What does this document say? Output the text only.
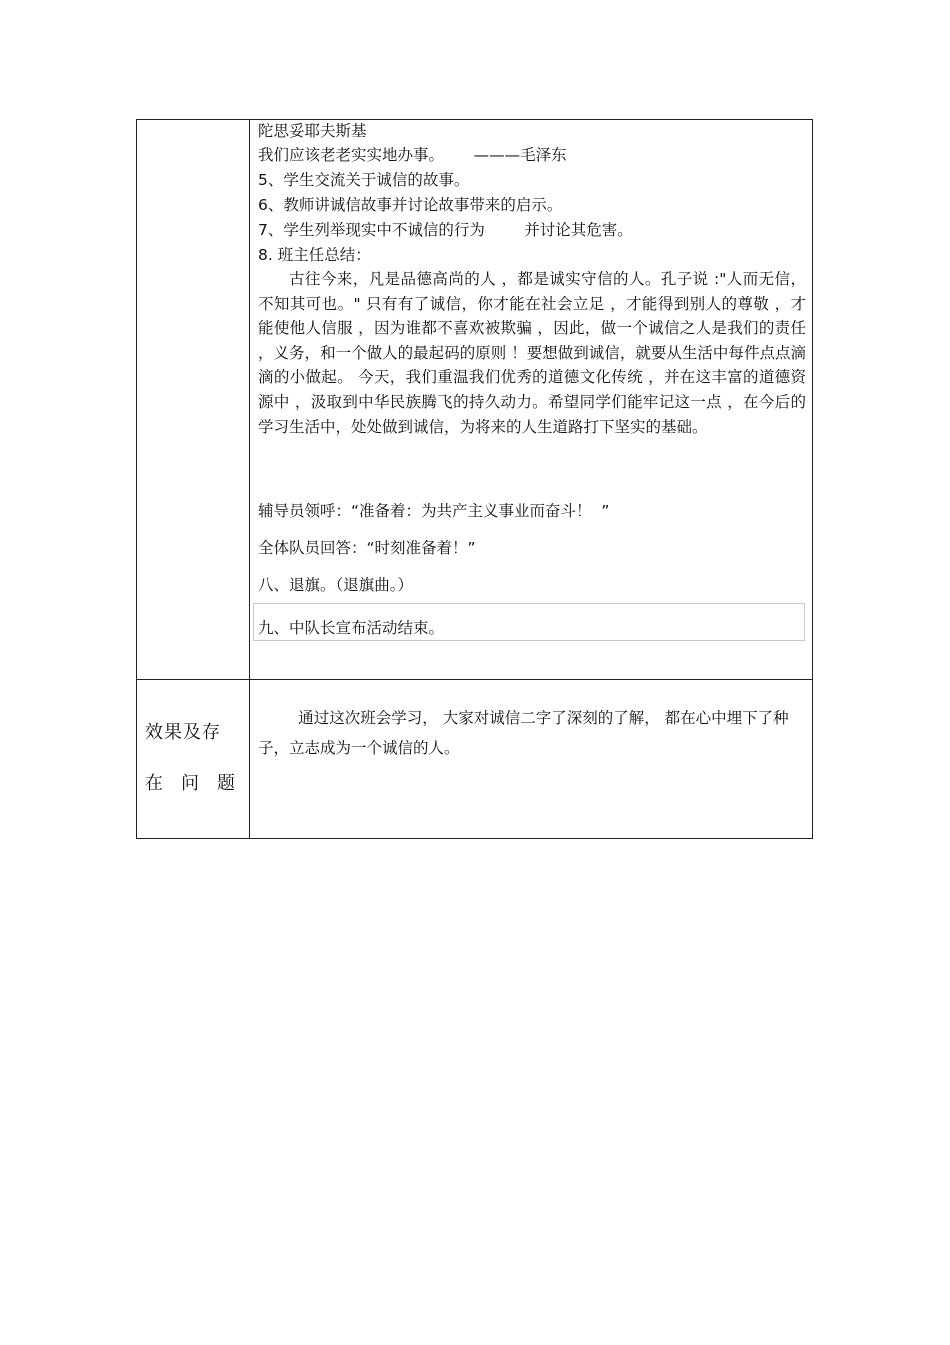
陀思妥耶夫斯基
我们应该老老实实地办事。      ———毛泽东
5、学生交流关于诚信的故事。
6、教师讲诚信故事并讨论故事带来的启示。
7、学生列举现实中不诚信的行为        并讨论其危害。
8. 班主任总结：
古往今来，凡是品德高尚的人 ，都是诚实守信的人。孔子说 :"人而无信，不知其可也。" 只有有了诚信，你才能在社会立足 ，才能得到别人的尊敬 ，才能使他人信服 ，因为谁都不喜欢被欺骗 ，因此，做一个诚信之人是我们的责任 ，义务，和一个做人的最起码的原则 ！要想做到诚信，就要从生活中每件点点滴滴的小做起。 今天，我们重温我们优秀的道德文化传统 ，并在这丰富的道德资源中 ，汲取到中华民族腾飞的持久动力。希望同学们能牢记这一点 ，在今后的学习生活中，处处做到诚信，为将来的人生道路打下坚实的基础。
辅导员领呼：“准备着：为共产主义事业而奋斗！  ”
全体队员回答：“时刻准备着！”
八、退旗。（退旗曲。）
九、中队长宣布活动结束。
效果及存
在 问 题
通过这次班会学习， 大家对诚信二字了深刻的了解， 都在心中埋下了种子，立志成为一个诚信的人。
